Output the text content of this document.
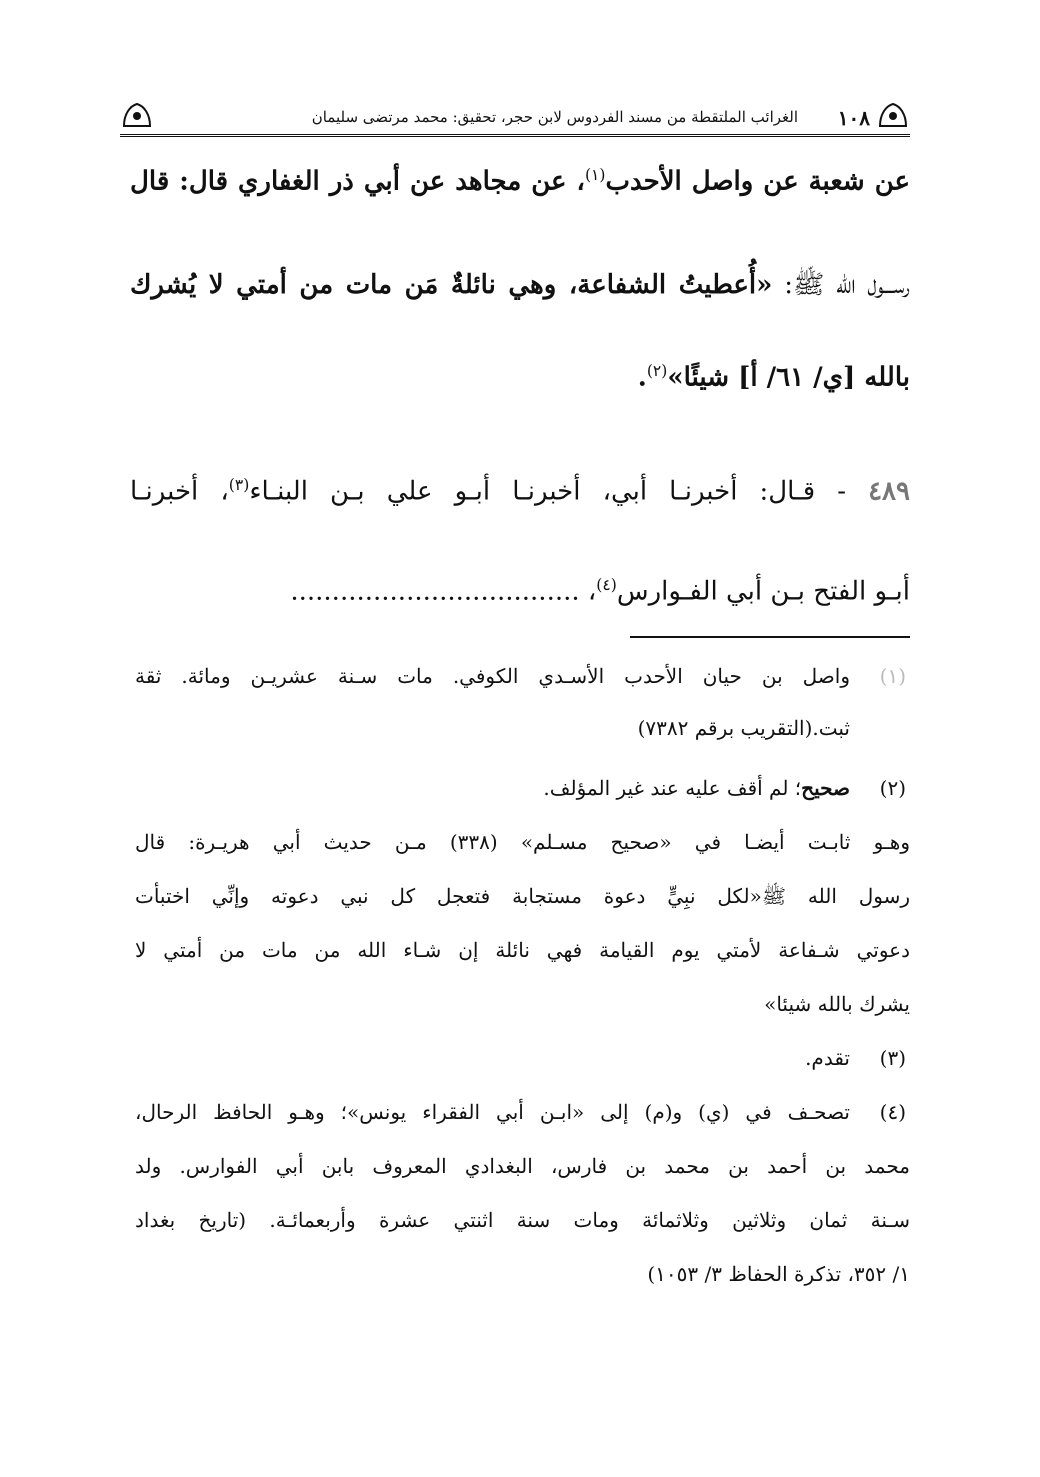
١٠٨
الغرائب الملتقطة من مسند الفردوس لابن حجر، تحقيق: محمد مرتضى سليمان
عن شعبة عن واصل الأحدب$^{(١)}$، عن مجاهد عن أبي ذر الغفاري قال: قال
رســـول الله ﷺ: «أُعطيتُ الشفاعة، وهي نائلةٌ مَن مات من أمتي لا يُشرك
بالله [ي/ ٦١/ أ] شيئًا»$^{(٢)}$.
٤٨٩ - قـال: أخبرنـا أبي، أخبرنـا أبـو علي بـن البنـاء$^{(٣)}$، أخبرنـا
أبـو الفتح بـن أبي الفـوارس$^{(٤)}$، ...................................
(١)
واصل بن حيان الأحدب الأسـدي الكوفي. مات سـنة عشريـن ومائة. ثقة
ثبت.(التقريب برقم ٧٣٨٢)
(٢)
صحيح؛ لم أقف عليه عند غير المؤلف.
وهـو ثابـت أيضـا في «صحيح مسـلم» (٣٣٨) مـن حديث أبي هريـرة: قال
رسول الله ﷺ«لكل نبِيٍّ دعوة مستجابة فتعجل كل نبي دعوته وإنِّي اختبأت
دعوتي شـفاعة لأمتي يوم القيامة فهي نائلة إن شـاء الله من مات من أمتي لا
يشرك بالله شيئا»
(٣)
تقدم.
(٤)
تصحـف في (ي) و(م) إلى «ابـن أبي الفقراء يونس»؛ وهـو الحافظ الرحال،
محمد بن أحمد بن محمد بن فارس، البغدادي المعروف بابن أبي الفوارس. ولد
سـنة ثمان وثلاثين وثلاثمائة ومات سنة اثنتي عشرة وأربعمائـة. (تاريخ بغداد
١/ ٣٥٢، تذكرة الحفاظ ٣/ ١٠٥٣)
